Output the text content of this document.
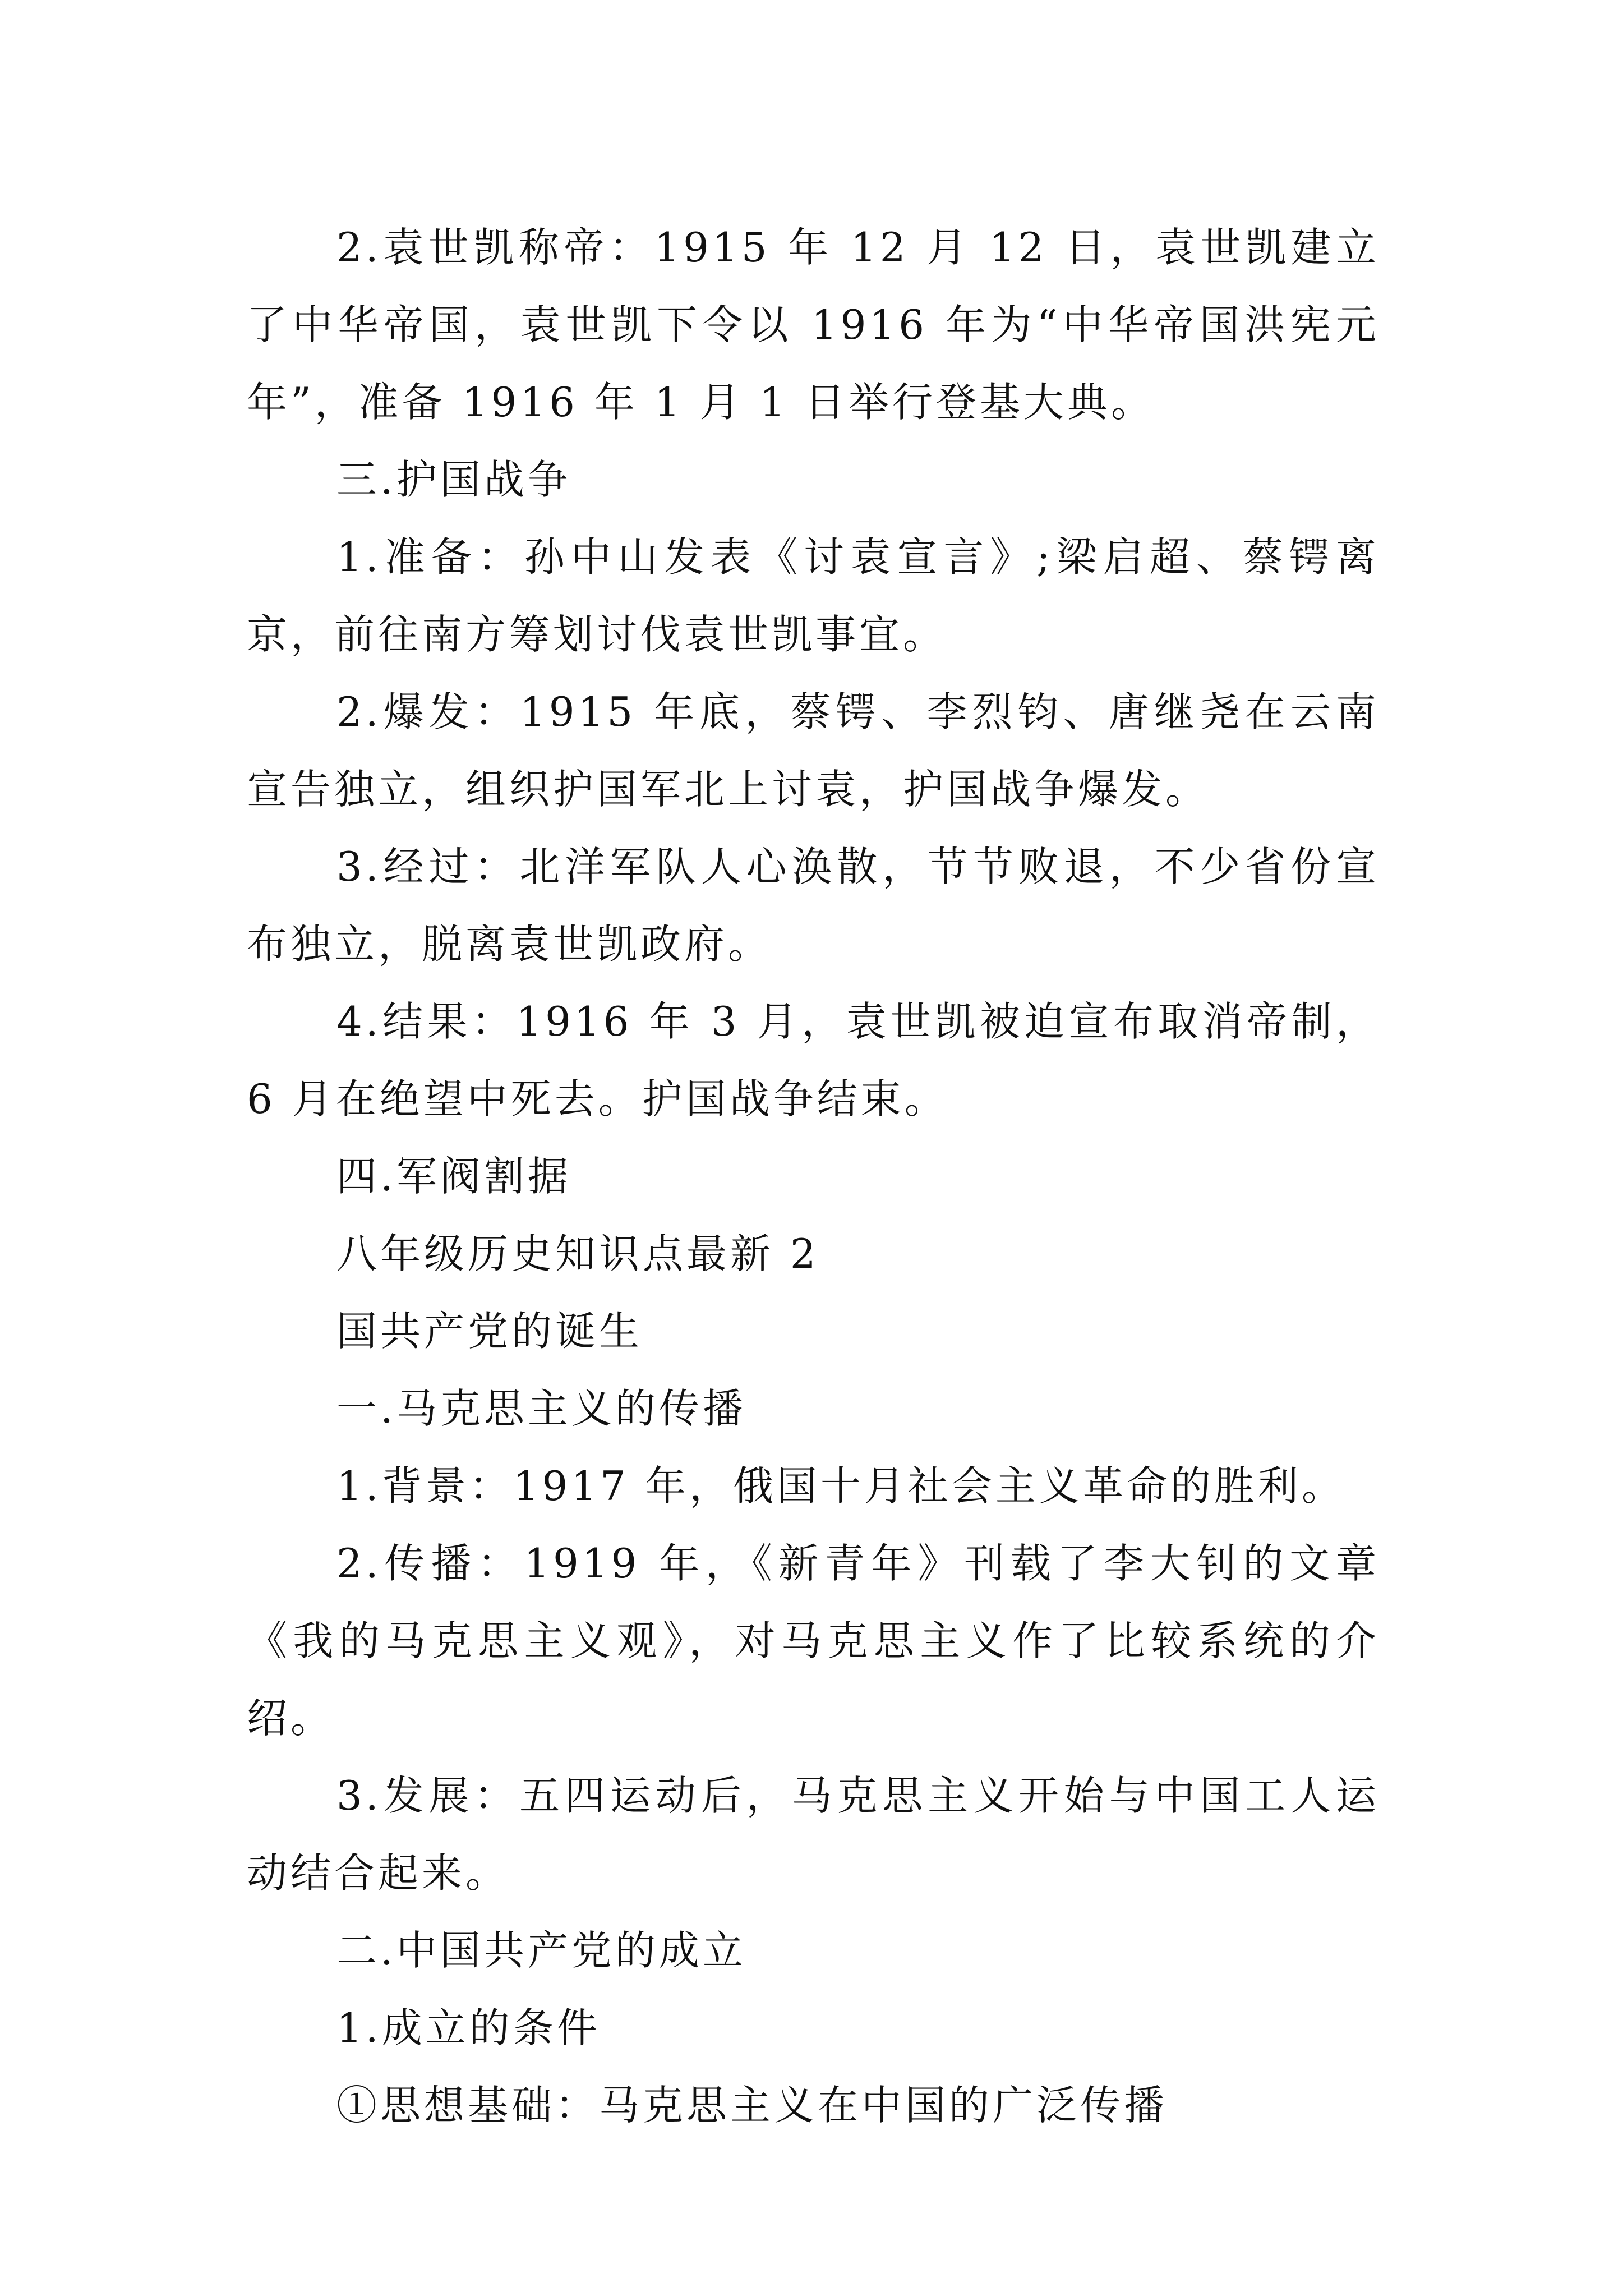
2.袁世凯称帝：1915 年 12 月 12 日，袁世凯建立了中华帝国，袁世凯下令以 1916 年为“中华帝国洪宪元年”，准备 1916 年 1 月 1 日举行登基大典。

三.护国战争

1.准备：孙中山发表《讨袁宣言》;梁启超、蔡锷离京，前往南方筹划讨伐袁世凯事宜。

2.爆发：1915 年底，蔡锷、李烈钧、唐继尧在云南宣告独立，组织护国军北上讨袁，护国战争爆发。

3.经过：北洋军队人心涣散，节节败退，不少省份宣布独立，脱离袁世凯政府。

4.结果：1916 年 3 月，袁世凯被迫宣布取消帝制，6 月在绝望中死去。护国战争结束。

四.军阀割据

八年级历史知识点最新 2

国共产党的诞生

一.马克思主义的传播

1.背景：1917 年，俄国十月社会主义革命的胜利。

2.传播：1919 年，《新青年》刊载了李大钊的文章《我的马克思主义观》，对马克思主义作了比较系统的介绍。

3.发展：五四运动后，马克思主义开始与中国工人运动结合起来。

二.中国共产党的成立

1.成立的条件

①思想基础：马克思主义在中国的广泛传播
